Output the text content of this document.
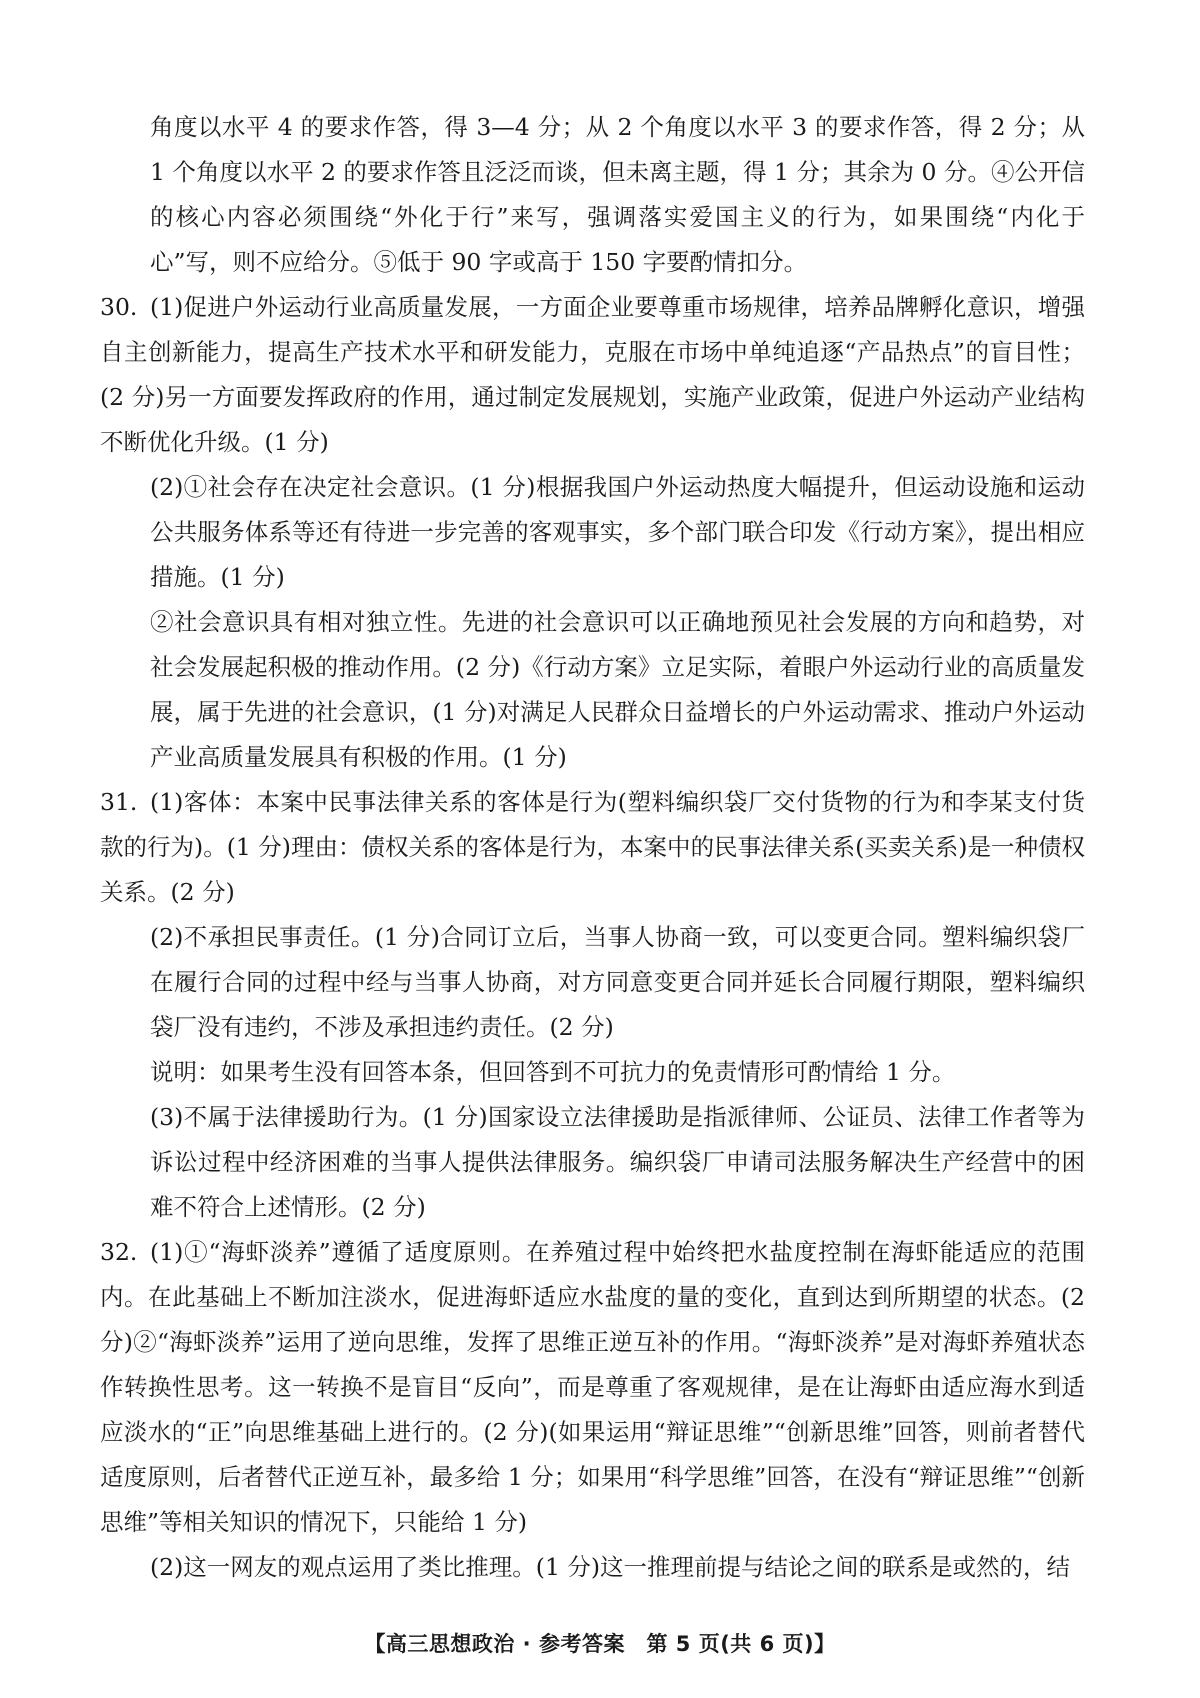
角度以水平 4 的要求作答，得 3—4 分；从 2 个角度以水平 3 的要求作答，得 2 分；从 1 个角度以水平 2 的要求作答且泛泛而谈，但未离主题，得 1 分；其余为 0 分。④公开信的核心内容必须围绕“外化于行”来写，强调落实爱国主义的行为，如果围绕“内化于心”写，则不应给分。⑤低于 90 字或高于 150 字要酌情扣分。

30. (1)促进户外运动行业高质量发展，一方面企业要尊重市场规律，培养品牌孵化意识，增强自主创新能力，提高生产技术水平和研发能力，克服在市场中单纯追逐“产品热点”的盲目性；(2 分)另一方面要发挥政府的作用，通过制定发展规划，实施产业政策，促进户外运动产业结构不断优化升级。(1 分)

(2)①社会存在决定社会意识。(1 分)根据我国户外运动热度大幅提升，但运动设施和运动公共服务体系等还有待进一步完善的客观事实，多个部门联合印发《行动方案》，提出相应措施。(1 分)

②社会意识具有相对独立性。先进的社会意识可以正确地预见社会发展的方向和趋势，对社会发展起积极的推动作用。(2 分)《行动方案》立足实际，着眼户外运动行业的高质量发展，属于先进的社会意识，(1 分)对满足人民群众日益增长的户外运动需求、推动户外运动产业高质量发展具有积极的作用。(1 分)

31. (1)客体：本案中民事法律关系的客体是行为(塑料编织袋厂交付货物的行为和李某支付货款的行为)。(1 分)理由：债权关系的客体是行为，本案中的民事法律关系(买卖关系)是一种债权关系。(2 分)

(2)不承担民事责任。(1 分)合同订立后，当事人协商一致，可以变更合同。塑料编织袋厂在履行合同的过程中经与当事人协商，对方同意变更合同并延长合同履行期限，塑料编织袋厂没有违约，不涉及承担违约责任。(2 分)

说明：如果考生没有回答本条，但回答到不可抗力的免责情形可酌情给 1 分。

(3)不属于法律援助行为。(1 分)国家设立法律援助是指派律师、公证员、法律工作者等为诉讼过程中经济困难的当事人提供法律服务。编织袋厂申请司法服务解决生产经营中的困难不符合上述情形。(2 分)

32. (1)①“海虾淡养”遵循了适度原则。在养殖过程中始终把水盐度控制在海虾能适应的范围内。在此基础上不断加注淡水，促进海虾适应水盐度的量的变化，直到达到所期望的状态。(2 分)②“海虾淡养”运用了逆向思维，发挥了思维正逆互补的作用。“海虾淡养”是对海虾养殖状态作转换性思考。这一转换不是盲目“反向”，而是尊重了客观规律，是在让海虾由适应海水到适应淡水的“正”向思维基础上进行的。(2 分)(如果运用“辩证思维”“创新思维”回答，则前者替代适度原则，后者替代正逆互补，最多给 1 分；如果用“科学思维”回答，在没有“辩证思维”“创新思维”等相关知识的情况下，只能给 1 分)

(2)这一网友的观点运用了类比推理。(1 分)这一推理前提与结论之间的联系是或然的，结

【高三思想政治 · 参考答案　第 5 页(共 6 页)】
